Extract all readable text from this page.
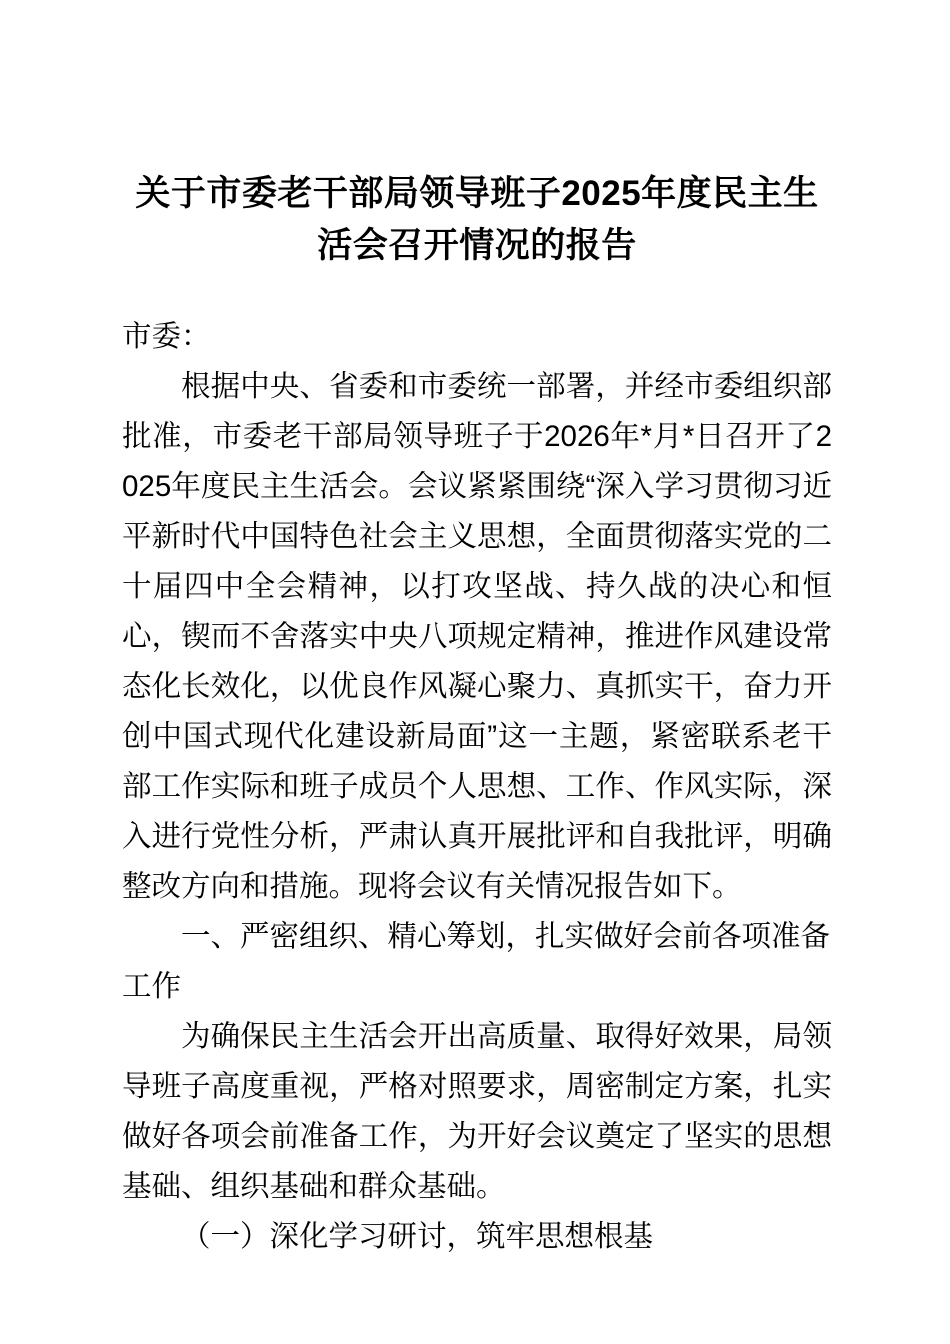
关于市委老干部局领导班子2025年度民主生活会召开情况的报告

市委：

根据中央、省委和市委统一部署，并经市委组织部批准，市委老干部局领导班子于2026年*月*日召开了2025年度民主生活会。会议紧紧围绕“深入学习贯彻习近平新时代中国特色社会主义思想，全面贯彻落实党的二十届四中全会精神，以打攻坚战、持久战的决心和恒心，锲而不舍落实中央八项规定精神，推进作风建设常态化长效化，以优良作风凝心聚力、真抓实干，奋力开创中国式现代化建设新局面”这一主题，紧密联系老干部工作实际和班子成员个人思想、工作、作风实际，深入进行党性分析，严肃认真开展批评和自我批评，明确整改方向和措施。现将会议有关情况报告如下。

一、严密组织、精心筹划，扎实做好会前各项准备工作

为确保民主生活会开出高质量、取得好效果，局领导班子高度重视，严格对照要求，周密制定方案，扎实做好各项会前准备工作，为开好会议奠定了坚实的思想基础、组织基础和群众基础。

（一）深化学习研讨，筑牢思想根基
